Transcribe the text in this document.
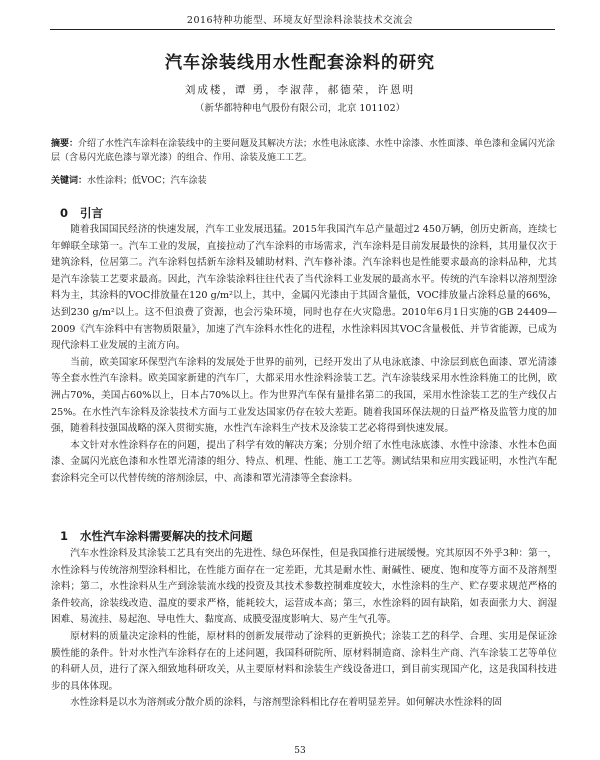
2016特种功能型、环境友好型涂料涂装技术交流会
汽车涂装线用水性配套涂料的研究
刘成楼，谭 勇，李淑萍，郝德荣，许恩明
（新华都特种电气股份有限公司，北京 101102）
摘要：介绍了水性汽车涂料在涂装线中的主要问题及其解决方法；水性电泳底漆、水性中涂漆、水性面漆、单色漆和金属闪光涂层（含易闪光底色漆与罩光漆）的组合、作用、涂装及施工工艺。
关键词：水性涂料；低VOC；汽车涂装
0 引言

随着我国国民经济的快速发展，汽车工业发展迅猛。2015年我国汽车总产量超过2 450万辆，创历史新高，连续七年蝉联全球第一。汽车工业的发展，直接拉动了汽车涂料的市场需求，汽车涂料是目前发展最快的涂料，其用量仅次于建筑涂料，位居第二。汽车涂料包括新车涂料及辅助材料、汽车修补漆。汽车涂料也是性能要求最高的涂料品种，尤其是汽车涂装工艺要求最高。因此，汽车涂装涂料往往代表了当代涂料工业发展的最高水平。传统的汽车涂料以溶剂型涂料为主，其涂料的VOC排放量在120 g/m²以上，其中，金属闪光漆由于其固含量低，VOC排放量占涂料总量的66%，达到230 g/m²以上。这不但浪费了资源，也会污染环境，同时也存在火灾隐患。2010年6月1日实施的GB 24409—2009《汽车涂料中有害物质限量》，加速了汽车涂料水性化的进程，水性涂料因其VOC含量极低、并节省能源，已成为现代涂料工业发展的主流方向。

当前，欧美国家环保型汽车涂料的发展处于世界的前列，已经开发出了从电泳底漆、中涂层到底色面漆、罩光清漆等全套水性汽车涂料。欧美国家新建的汽车厂，大都采用水性涂料涂装工艺。汽车涂装线采用水性涂料施工的比例，欧洲占70%，美国占60%以上，日本占70%以上。作为世界汽车保有量排名第二的我国，采用水性涂装工艺的生产线仅占25%。在水性汽车涂料及涂装技术方面与工业发达国家仍存在较大差距。随着我国环保法规的日益严格及监管力度的加强，随着科技强国战略的深入贯彻实施，水性汽车涂料生产技术及涂装工艺必将得到快速发展。

本文针对水性涂料存在的问题，提出了科学有效的解决方案；分别介绍了水性电泳底漆、水性中涂漆、水性本色面漆、金属闪光底色漆和水性罩光清漆的组分、特点、机理、性能、施工工艺等。测试结果和应用实践证明，水性汽车配套涂料完全可以代替传统的溶剂涂层，中、高漆和罩光清漆等全套涂料。

1 水性汽车涂料需要解决的技术问题

汽车水性涂料及其涂装工艺具有突出的先进性、绿色环保性，但是我国推行进展缓慢。究其原因不外乎3种：第一，水性涂料与传统溶剂型涂料相比，在性能方面存在一定差距，尤其是耐水性、耐碱性、硬度、饱和度等方面不及溶剂型涂料；第二，水性涂料从生产到涂装流水线的投资及其技术参数控制难度较大，水性涂料的生产、贮存要求规范严格的条件较高，涂装线改造、温度的要求严格，能耗较大，运营成本高；第三，水性涂料的固有缺陷，如表面张力大、润湿困难、易流挂、易起泡、导电性大、黏度高、成膜受湿度影响大、易产生气孔等。

原材料的质量决定涂料的性能，原材料的创新发展带动了涂料的更新换代；涂装工艺的科学、合理、实用是保证涂膜性能的条件。针对水性汽车涂料存在的上述问题，我国科研院所、原材料制造商、涂料生产商、汽车涂装工艺等单位的科研人员，进行了深入细致地科研攻关，从主要原材料和涂装生产线设备进口，到目前实现国产化，这是我国科技进步的具体体现。

水性涂料是以水为溶剂或分散介质的涂料，与溶剂型涂料相比存在着明显差异。如何解决水性涂料的固

53
